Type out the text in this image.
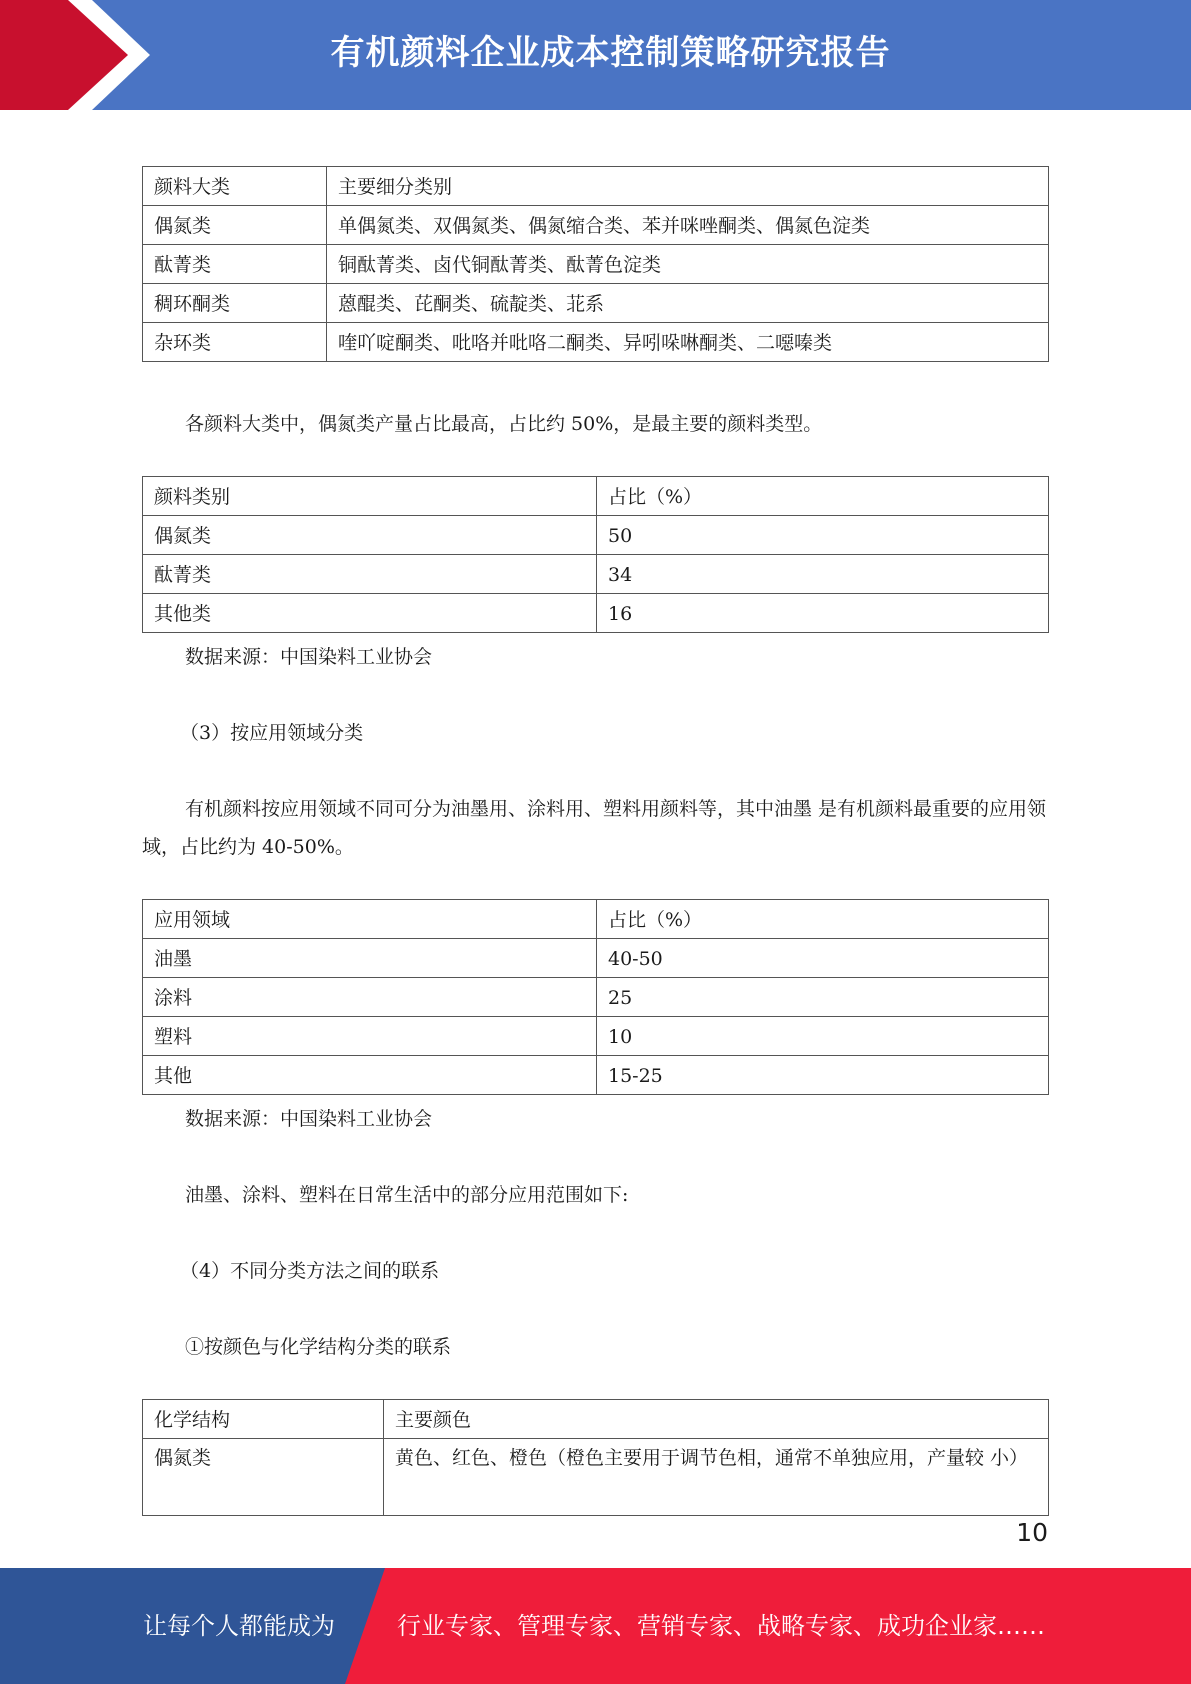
有机颜料企业成本控制策略研究报告
颜料大类	主要细分类别
偶氮类	单偶氮类、双偶氮类、偶氮缩合类、苯并咪唑酮类、偶氮色淀类
酞菁类	铜酞菁类、卤代铜酞菁类、酞菁色淀类
稠环酮类	蒽醌类、芘酮类、硫靛类、苝系
杂环类	喹吖啶酮类、吡咯并吡咯二酮类、异吲哚啉酮类、二噁嗪类

各颜料大类中，偶氮类产量占比最高，占比约 50%，是最主要的颜料类型。

颜料类别	占比（%）
偶氮类	50
酞菁类	34
其他类	16

数据来源：中国染料工业协会

（3）按应用领域分类

有机颜料按应用领域不同可分为油墨用、涂料用、塑料用颜料等，其中油墨 是有机颜料最重要的应用领域，占比约为 40-50%。

应用领域	占比（%）
油墨	40-50
涂料	25
塑料	10
其他	15-25

数据来源：中国染料工业协会

油墨、涂料、塑料在日常生活中的部分应用范围如下:

（4）不同分类方法之间的联系

①按颜色与化学结构分类的联系

化学结构	主要颜色
偶氮类	黄色、红色、橙色（橙色主要用于调节色相，通常不单独应用，产量较 小）
10
让每个人都能成为	行业专家、管理专家、营销专家、战略专家、成功企业家……
